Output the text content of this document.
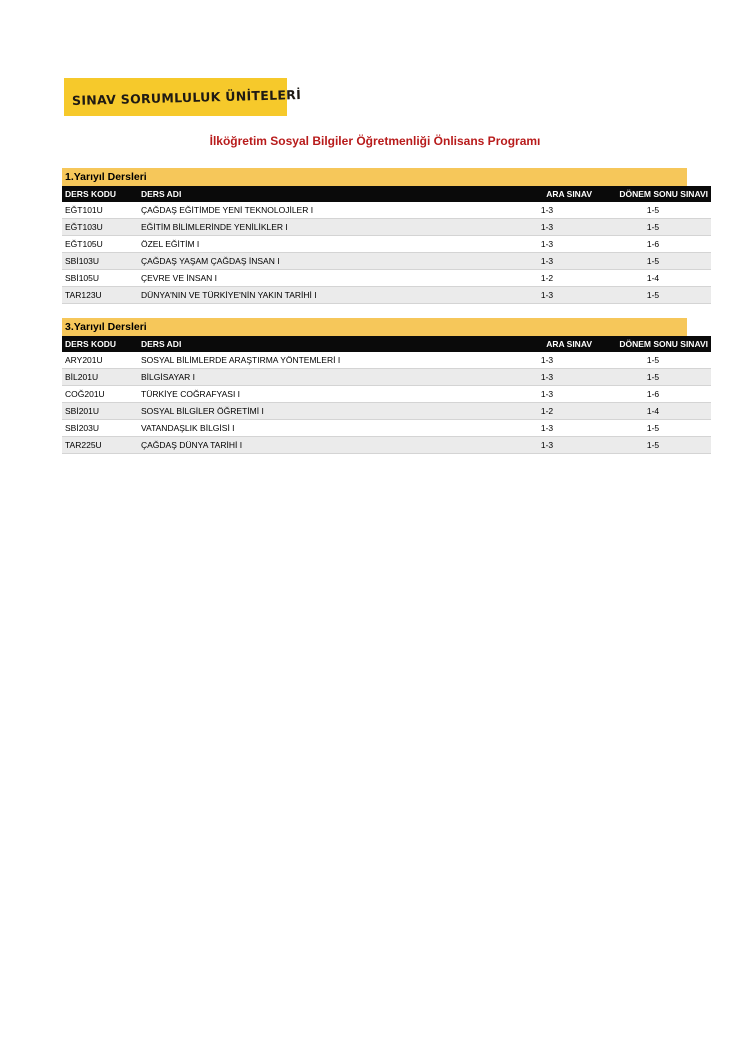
SINAV SORUMLULUK ÜNİTELERİ
İlköğretim Sosyal Bilgiler Öğretmenliği Önlisans Programı
1.Yarıyıl Dersleri
DERS KODU	DERS ADI	ARA SINAV	DÖNEM SONU SINAVI
EĞT101U	ÇAĞDAŞ EĞİTİMDE YENİ TEKNOLOJİLER I	1-3	1-5
EĞT103U	EĞİTİM BİLİMLERİNDE YENİLİKLER I	1-3	1-5
EĞT105U	ÖZEL EĞİTİM I	1-3	1-6
SBİ103U	ÇAĞDAŞ YAŞAM ÇAĞDAŞ İNSAN I	1-3	1-5
SBİ105U	ÇEVRE VE İNSAN I	1-2	1-4
TAR123U	DÜNYA'NIN VE TÜRKİYE'NİN YAKIN TARİHİ I	1-3	1-5
3.Yarıyıl Dersleri
DERS KODU	DERS ADI	ARA SINAV	DÖNEM SONU SINAVI
ARY201U	SOSYAL BİLİMLERDE ARAŞTIRMA YÖNTEMLERİ I	1-3	1-5
BİL201U	BİLGİSAYAR I	1-3	1-5
COĞ201U	TÜRKİYE COĞRAFYASI I	1-3	1-6
SBİ201U	SOSYAL BİLGİLER ÖĞRETİMİ I	1-2	1-4
SBİ203U	VATANDAŞLIK BİLGİSİ I	1-3	1-5
TAR225U	ÇAĞDAŞ DÜNYA TARİHİ I	1-3	1-5
